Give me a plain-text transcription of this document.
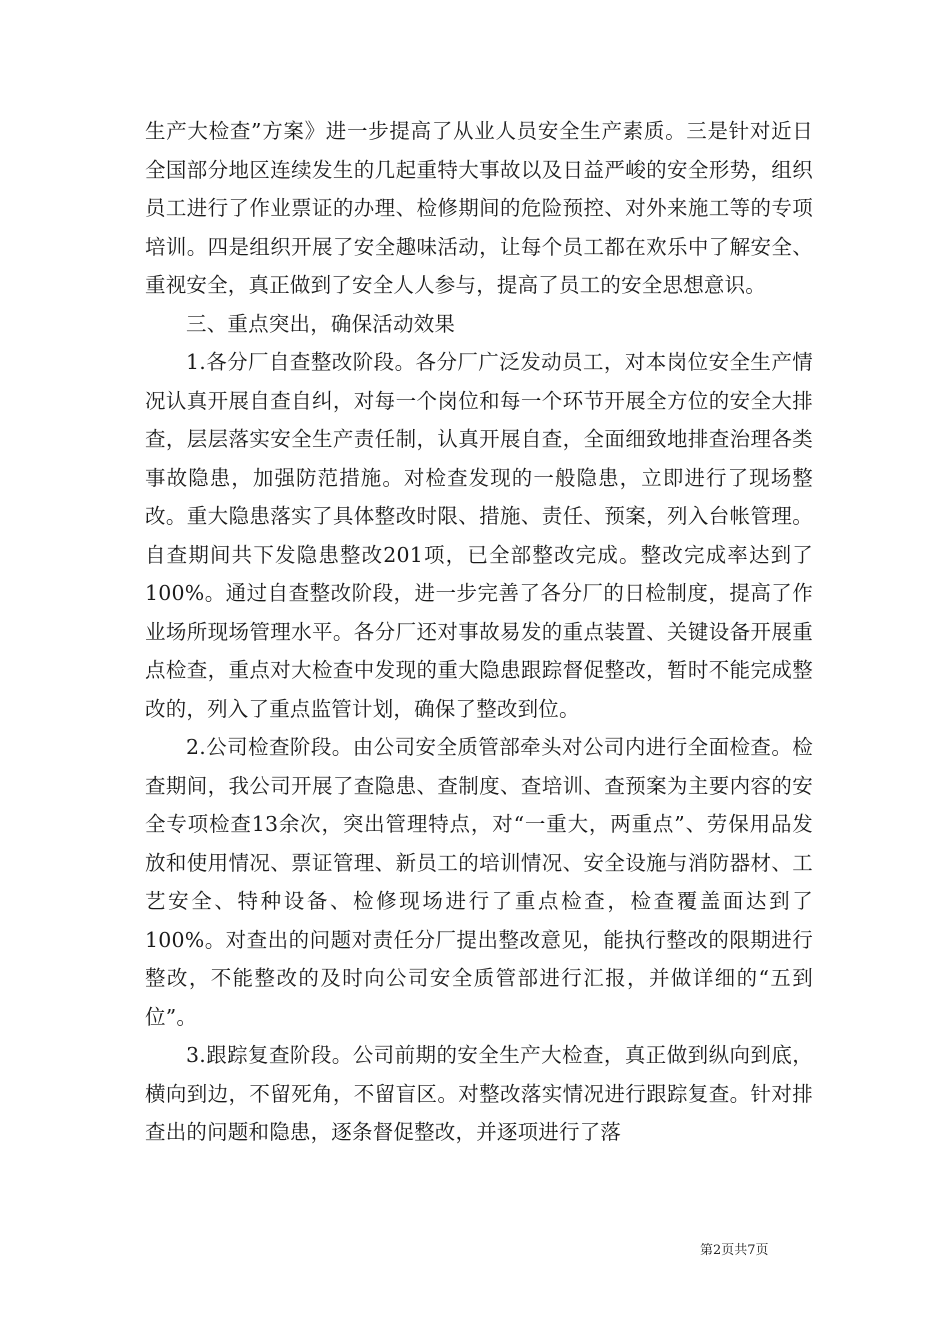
生产大检查”方案》进一步提高了从业人员安全生产素质。三是针对近日全国部分地区连续发生的几起重特大事故以及日益严峻的安全形势，组织员工进行了作业票证的办理、检修期间的危险预控、对外来施工等的专项培训。四是组织开展了安全趣味活动，让每个员工都在欢乐中了解安全、重视安全，真正做到了安全人人参与，提高了员工的安全思想意识。

三、重点突出，确保活动效果

1.各分厂自查整改阶段。各分厂广泛发动员工，对本岗位安全生产情况认真开展自查自纠，对每一个岗位和每一个环节开展全方位的安全大排查，层层落实安全生产责任制，认真开展自查，全面细致地排查治理各类事故隐患，加强防范措施。对检查发现的一般隐患，立即进行了现场整改。重大隐患落实了具体整改时限、措施、责任、预案，列入台帐管理。自查期间共下发隐患整改201项，已全部整改完成。整改完成率达到了100%。通过自查整改阶段，进一步完善了各分厂的日检制度，提高了作业场所现场管理水平。各分厂还对事故易发的重点装置、关键设备开展重点检查，重点对大检查中发现的重大隐患跟踪督促整改，暂时不能完成整改的，列入了重点监管计划，确保了整改到位。

2.公司检查阶段。由公司安全质管部牵头对公司内进行全面检查。检查期间，我公司开展了查隐患、查制度、查培训、查预案为主要内容的安全专项检查13余次，突出管理特点，对“一重大，两重点”、劳保用品发放和使用情况、票证管理、新员工的培训情况、安全设施与消防器材、工艺安全、特种设备、检修现场进行了重点检查，检查覆盖面达到了100%。对查出的问题对责任分厂提出整改意见，能执行整改的限期进行整改，不能整改的及时向公司安全质管部进行汇报，并做详细的“五到位”。

3.跟踪复查阶段。公司前期的安全生产大检查，真正做到纵向到底，横向到边，不留死角，不留盲区。对整改落实情况进行跟踪复查。针对排查出的问题和隐患，逐条督促整改，并逐项进行了落

第2页共7页
